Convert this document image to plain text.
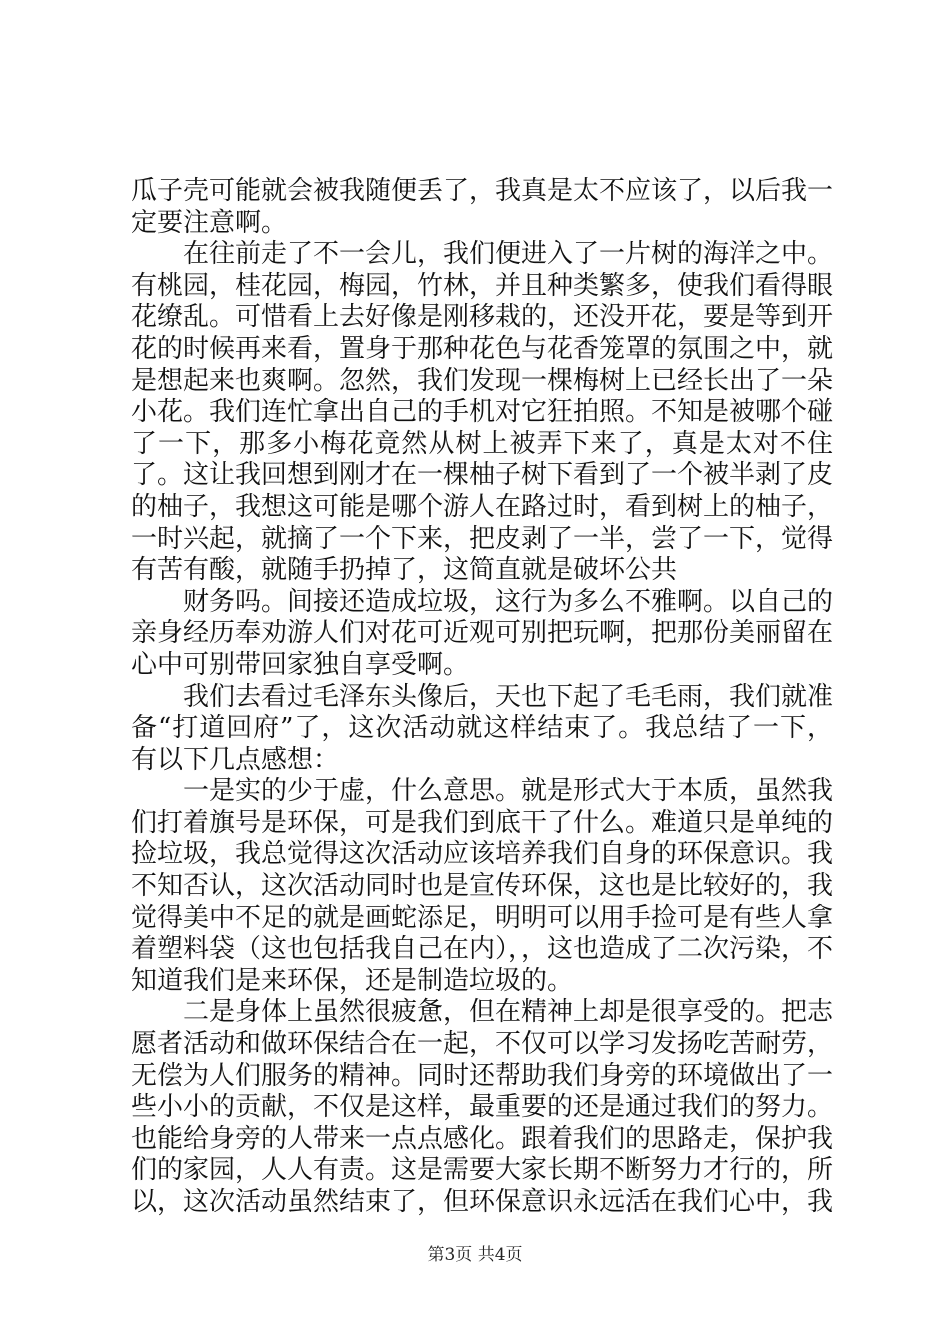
瓜子壳可能就会被我随便丢了，我真是太不应该了，以后我一定要注意啊。

在往前走了不一会儿，我们便进入了一片树的海洋之中。有桃园，桂花园，梅园，竹林，并且种类繁多，使我们看得眼花缭乱。可惜看上去好像是刚移栽的，还没开花，要是等到开花的时候再来看，置身于那种花色与花香笼罩的氛围之中，就是想起来也爽啊。忽然，我们发现一棵梅树上已经长出了一朵小花。我们连忙拿出自己的手机对它狂拍照。不知是被哪个碰了一下，那多小梅花竟然从树上被弄下来了，真是太对不住了。这让我回想到刚才在一棵柚子树下看到了一个被半剥了皮的柚子，我想这可能是哪个游人在路过时，看到树上的柚子，一时兴起，就摘了一个下来，把皮剥了一半，尝了一下，觉得有苦有酸，就随手扔掉了，这简直就是破坏公共

财务吗。间接还造成垃圾，这行为多么不雅啊。以自己的亲身经历奉劝游人们对花可近观可别把玩啊，把那份美丽留在心中可别带回家独自享受啊。

我们去看过毛泽东头像后，天也下起了毛毛雨，我们就准备“打道回府”了，这次活动就这样结束了。我总结了一下，有以下几点感想：

一是实的少于虚，什么意思。就是形式大于本质，虽然我们打着旗号是环保，可是我们到底干了什么。难道只是单纯的捡垃圾，我总觉得这次活动应该培养我们自身的环保意识。我不知否认，这次活动同时也是宣传环保，这也是比较好的，我觉得美中不足的就是画蛇添足，明明可以用手捡可是有些人拿着塑料袋（这也包括我自己在内），，这也造成了二次污染，不知道我们是来环保，还是制造垃圾的。

二是身体上虽然很疲惫，但在精神上却是很享受的。把志愿者活动和做环保结合在一起，不仅可以学习发扬吃苦耐劳，无偿为人们服务的精神。同时还帮助我们身旁的环境做出了一些小小的贡献，不仅是这样，最重要的还是通过我们的努力。也能给身旁的人带来一点点感化。跟着我们的思路走，保护我们的家园，人人有责。这是需要大家长期不断努力才行的，所以，这次活动虽然结束了，但环保意识永远活在我们心中，我

第3页 共4页
